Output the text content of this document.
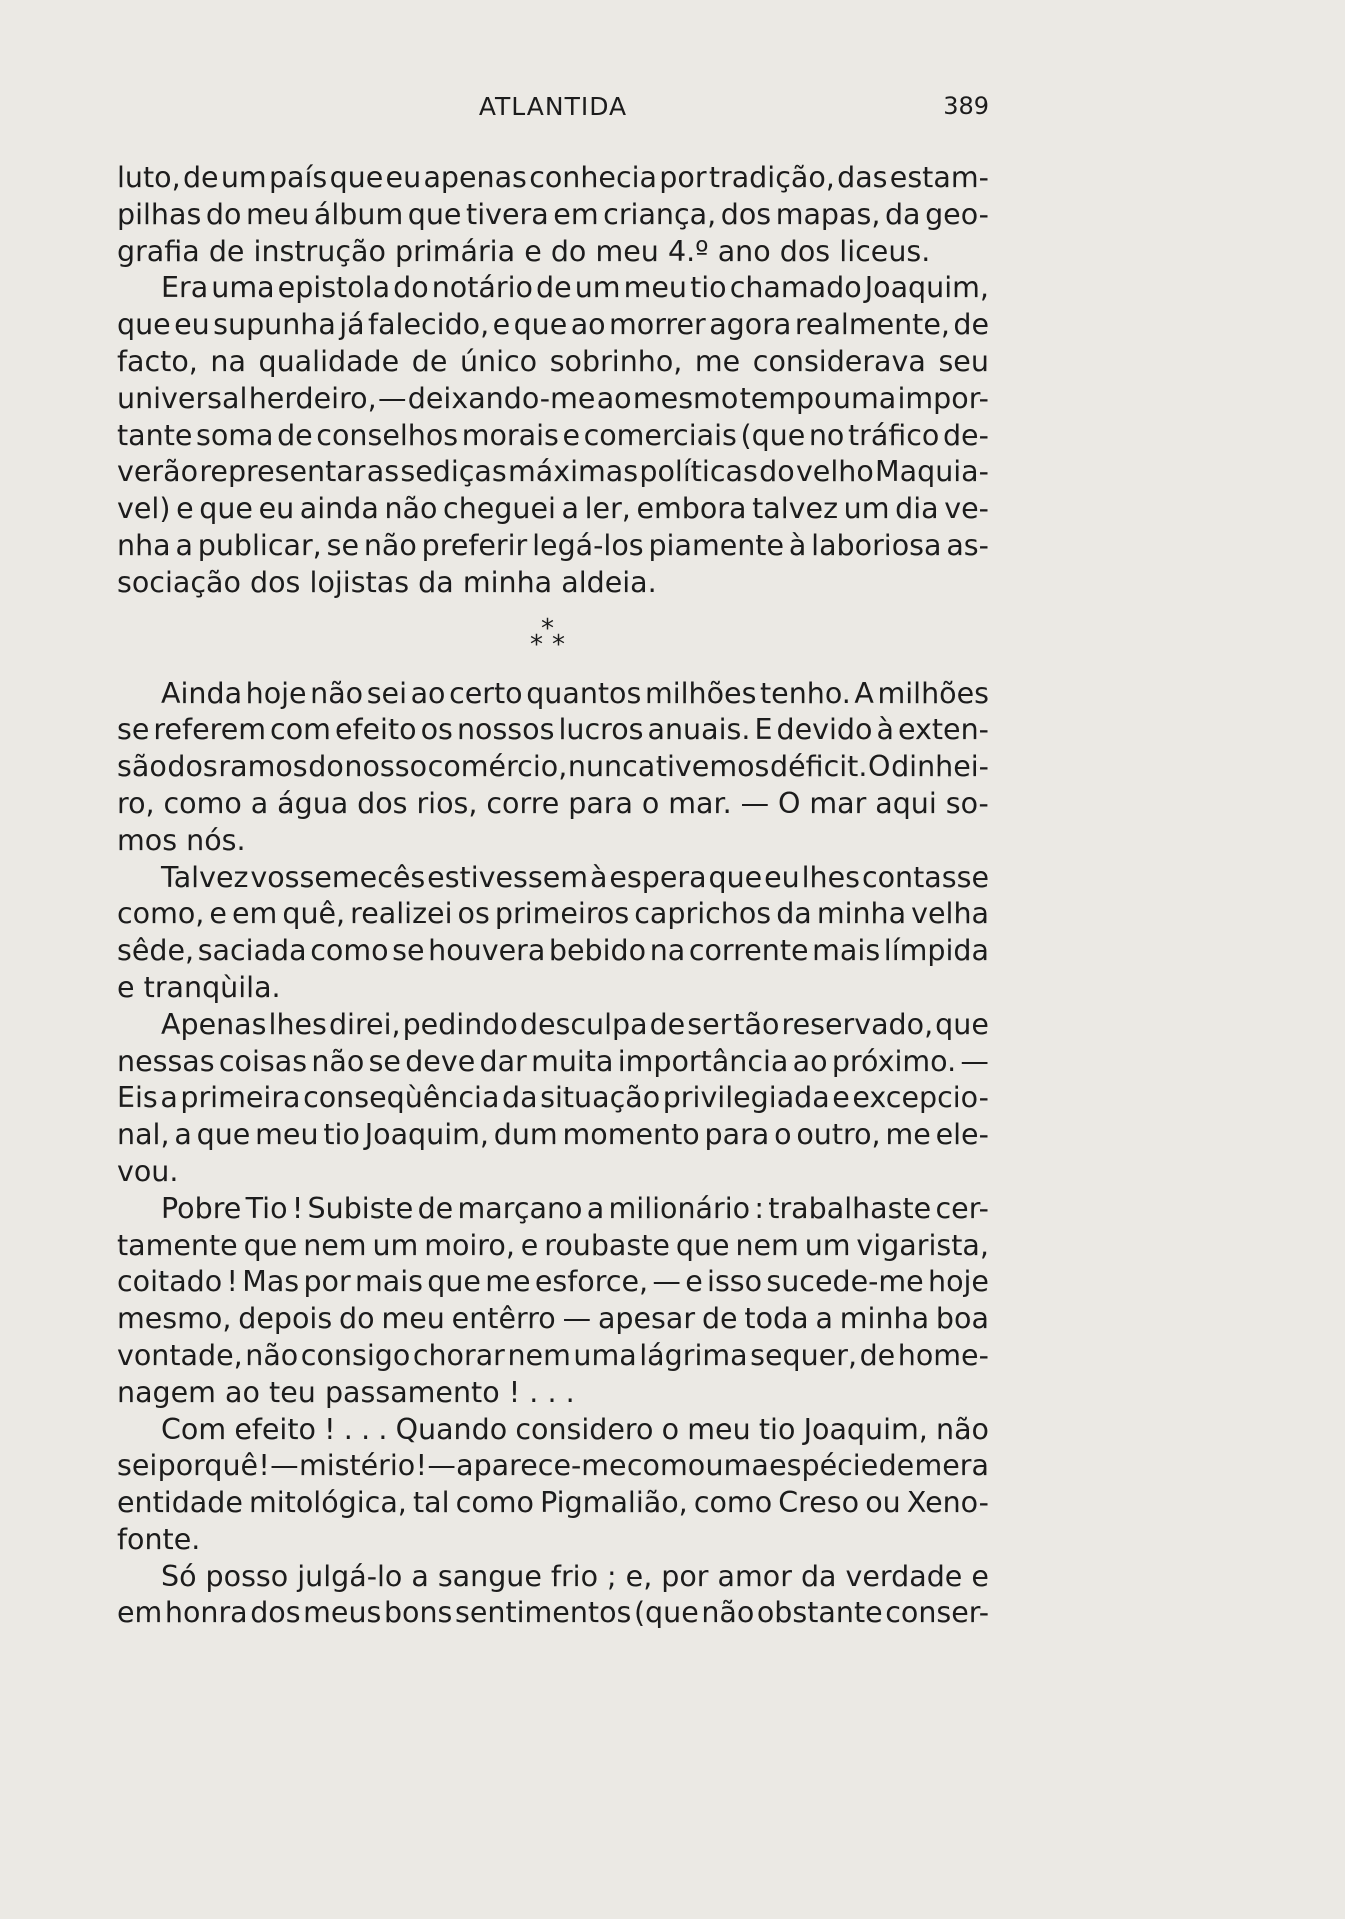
ATLANTIDA	389
luto, de um país que eu apenas conhecia por tradição, das estam-
pilhas do meu álbum que tivera em criança, dos mapas, da geo-
grafia de instrução primária e do meu 4.º ano dos liceus.
Era uma epistola do notário de um meu tio chamado Joaquim,
que eu supunha já falecido, e que ao morrer agora realmente, de
facto, na qualidade de único sobrinho, me considerava seu
universal herdeiro, — deixando-me ao mesmo tempo uma impor-
tante soma de conselhos morais e comerciais (que no tráfico de-
verão representar as sediças máximas políticas do velho Maquia-
vel) e que eu ainda não cheguei a ler, embora talvez um dia ve-
nha a publicar, se não preferir legá-los piamente à laboriosa as-
sociação dos lojistas da minha aldeia.
*
* *
Ainda hoje não sei ao certo quantos milhões tenho. A milhões
se referem com efeito os nossos lucros anuais. E devido à exten-
são dos ramos do nosso comércio, nunca tivemos déficit. O dinhei-
ro, como a água dos rios, corre para o mar. — O mar aqui so-
mos nós.
Talvez vossemecês estivessem à espera que eu lhes contasse
como, e em quê, realizei os primeiros caprichos da minha velha
sêde, saciada como se houvera bebido na corrente mais límpida
e tranqùila.
Apenas lhes direi, pedindo desculpa de ser tão reservado, que
nessas coisas não se deve dar muita importância ao próximo. —
Eis a primeira conseqùência da situação privilegiada e excepcio-
nal, a que meu tio Joaquim, dum momento para o outro, me ele-
vou.
Pobre Tio ! Subiste de marçano a milionário : trabalhaste cer-
tamente que nem um moiro, e roubaste que nem um vigarista,
coitado ! Mas por mais que me esforce, — e isso sucede-me hoje
mesmo, depois do meu entêrro — apesar de toda a minha boa
vontade, não consigo chorar nem uma lágrima sequer, de home-
nagem ao teu passamento ! . . .
Com efeito ! . . . Quando considero o meu tio Joaquim, não
sei porquê ! — mistério ! — aparece-me como uma espécie de mera
entidade mitológica, tal como Pigmalião, como Creso ou Xeno-
fonte.
Só posso julgá-lo a sangue frio ; e, por amor da verdade e
em honra dos meus bons sentimentos (que não obstante conser-
